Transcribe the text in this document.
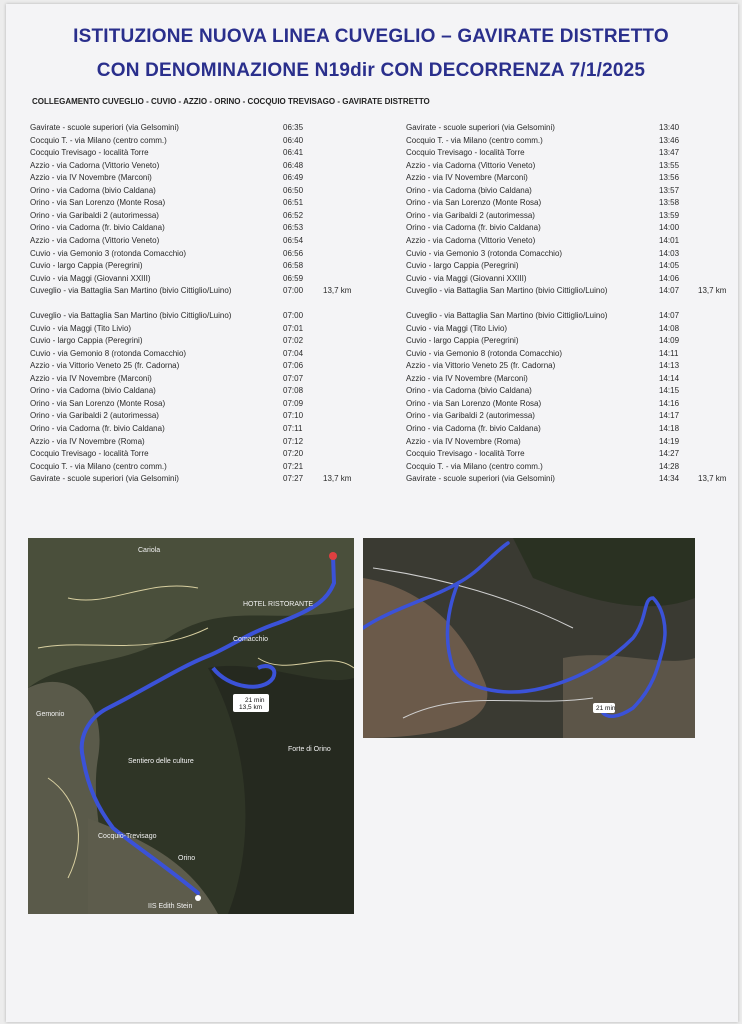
ISTITUZIONE NUOVA LINEA CUVEGLIO – GAVIRATE DISTRETTO
CON DENOMINAZIONE N19dir CON DECORRENZA 7/1/2025
COLLEGAMENTO CUVEGLIO - CUVIO - AZZIO - ORINO - COCQUIO TREVISAGO - GAVIRATE DISTRETTO
Gavirate - scuole superiori (via Gelsomini)	06:35
Cocquio T. - via Milano (centro comm.)	06:40
Cocquio Trevisago - località Torre	06:41
Azzio - via Cadorna (Vittorio Veneto)	06:48
Azzio - via IV Novembre (Marconi)	06:49
Orino - via Cadorna (bivio Caldana)	06:50
Orino - via San Lorenzo (Monte Rosa)	06:51
Orino - via Garibaldi 2 (autorimessa)	06:52
Orino - via Cadorna (fr. bivio Caldana)	06:53
Azzio - via Cadorna (Vittorio Veneto)	06:54
Cuvio - via Gemonio 3 (rotonda Comacchio)	06:56
Cuvio - largo Cappia (Peregrini)	06:58
Cuvio - via Maggi (Giovanni XXIII)	06:59
Cuveglio - via Battaglia San Martino (bivio Cittiglio/Luino)	07:00 13,7 km
Gavirate - scuole superiori (via Gelsomini)	13:40
Cocquio T. - via Milano (centro comm.)	13:46
Cocquio Trevisago - località Torre	13:47
Azzio - via Cadorna (Vittorio Veneto)	13:55
Azzio - via IV Novembre (Marconi)	13:56
Orino - via Cadorna (bivio Caldana)	13:57
Orino - via San Lorenzo (Monte Rosa)	13:58
Orino - via Garibaldi 2 (autorimessa)	13:59
Orino - via Cadorna (fr. bivio Caldana)	14:00
Azzio - via Cadorna (Vittorio Veneto)	14:01
Cuvio - via Gemonio 3 (rotonda Comacchio)	14:03
Cuvio - largo Cappia (Peregrini)	14:05
Cuvio - via Maggi (Giovanni XXIII)	14:06
Cuveglio - via Battaglia San Martino (bivio Cittiglio/Luino)	14:07 13,7 km
Cuveglio - via Battaglia San Martino (bivio Cittiglio/Luino)	07:00
Cuvio - via Maggi (Tito Livio)	07:01
Cuvio - largo Cappia (Peregrini)	07:02
Cuvio - via Gemonio 8 (rotonda Comacchio)	07:04
Azzio - via Vittorio Veneto 25 (fr. Cadorna)	07:06
Azzio - via IV Novembre (Marconi)	07:07
Orino - via Cadorna (bivio Caldana)	07:08
Orino - via San Lorenzo (Monte Rosa)	07:09
Orino - via Garibaldi 2 (autorimessa)	07:10
Orino - via Cadorna (fr. bivio Caldana)	07:11
Azzio - via IV Novembre (Roma)	07:12
Cocquio Trevisago - località Torre	07:20
Cocquio T. - via Milano (centro comm.)	07:21
Gavirate - scuole superiori (via Gelsomini)	07:27 13,7 km
Cuveglio - via Battaglia San Martino (bivio Cittiglio/Luino)	14:07
Cuvio - via Maggi (Tito Livio)	14:08
Cuvio - largo Cappia (Peregrini)	14:09
Cuvio - via Gemonio 8 (rotonda Comacchio)	14:11
Azzio - via Vittorio Veneto 25 (fr. Cadorna)	14:13
Azzio - via IV Novembre (Marconi)	14:14
Orino - via Cadorna (bivio Caldana)	14:15
Orino - via San Lorenzo (Monte Rosa)	14:16
Orino - via Garibaldi 2 (autorimessa)	14:17
Orino - via Cadorna (fr. bivio Caldana)	14:18
Azzio - via IV Novembre (Roma)	14:19
Cocquio Trevisago - località Torre	14:27
Cocquio T. - via Milano (centro comm.)	14:28
Gavirate - scuole superiori (via Gelsomini)	14:34 13,7 km
Cariola
HOTEL RISTORANTE
Comacchio
Gemonio
Forte di Orino
Sentiero delle culture
Cocquio-Trevisago
IIS Edith Stein
Orino
21 min
13,5 km	21 min
